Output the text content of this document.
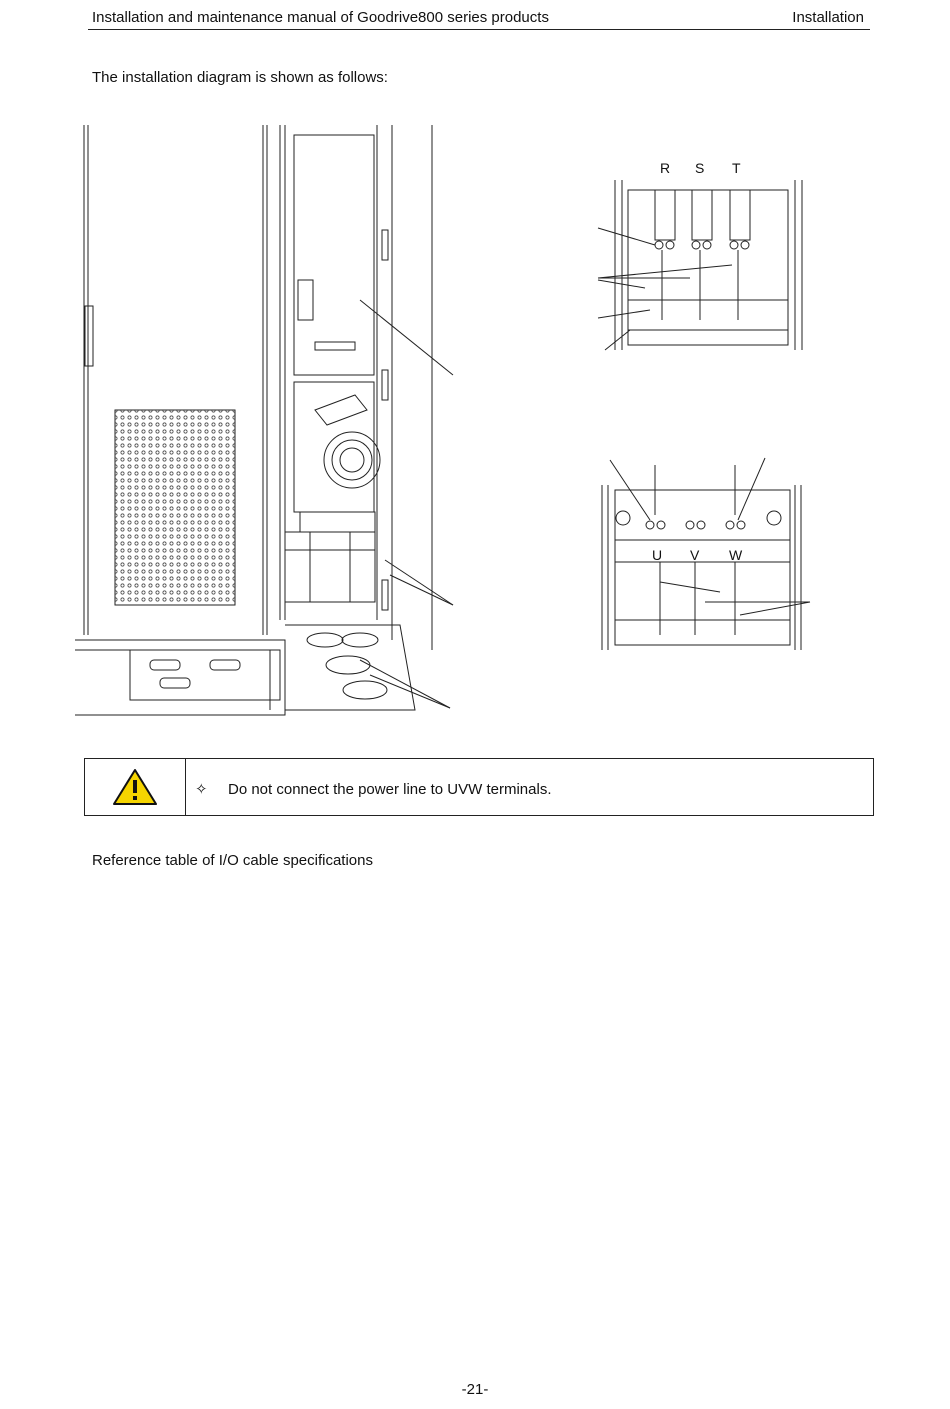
Installation and maintenance manual of Goodrive800 series products	Installation
The installation diagram is shown as follows:
R S T
U V W
✧ Do not connect the power line to UVW terminals.
Reference table of I/O cable specifications
-21-
